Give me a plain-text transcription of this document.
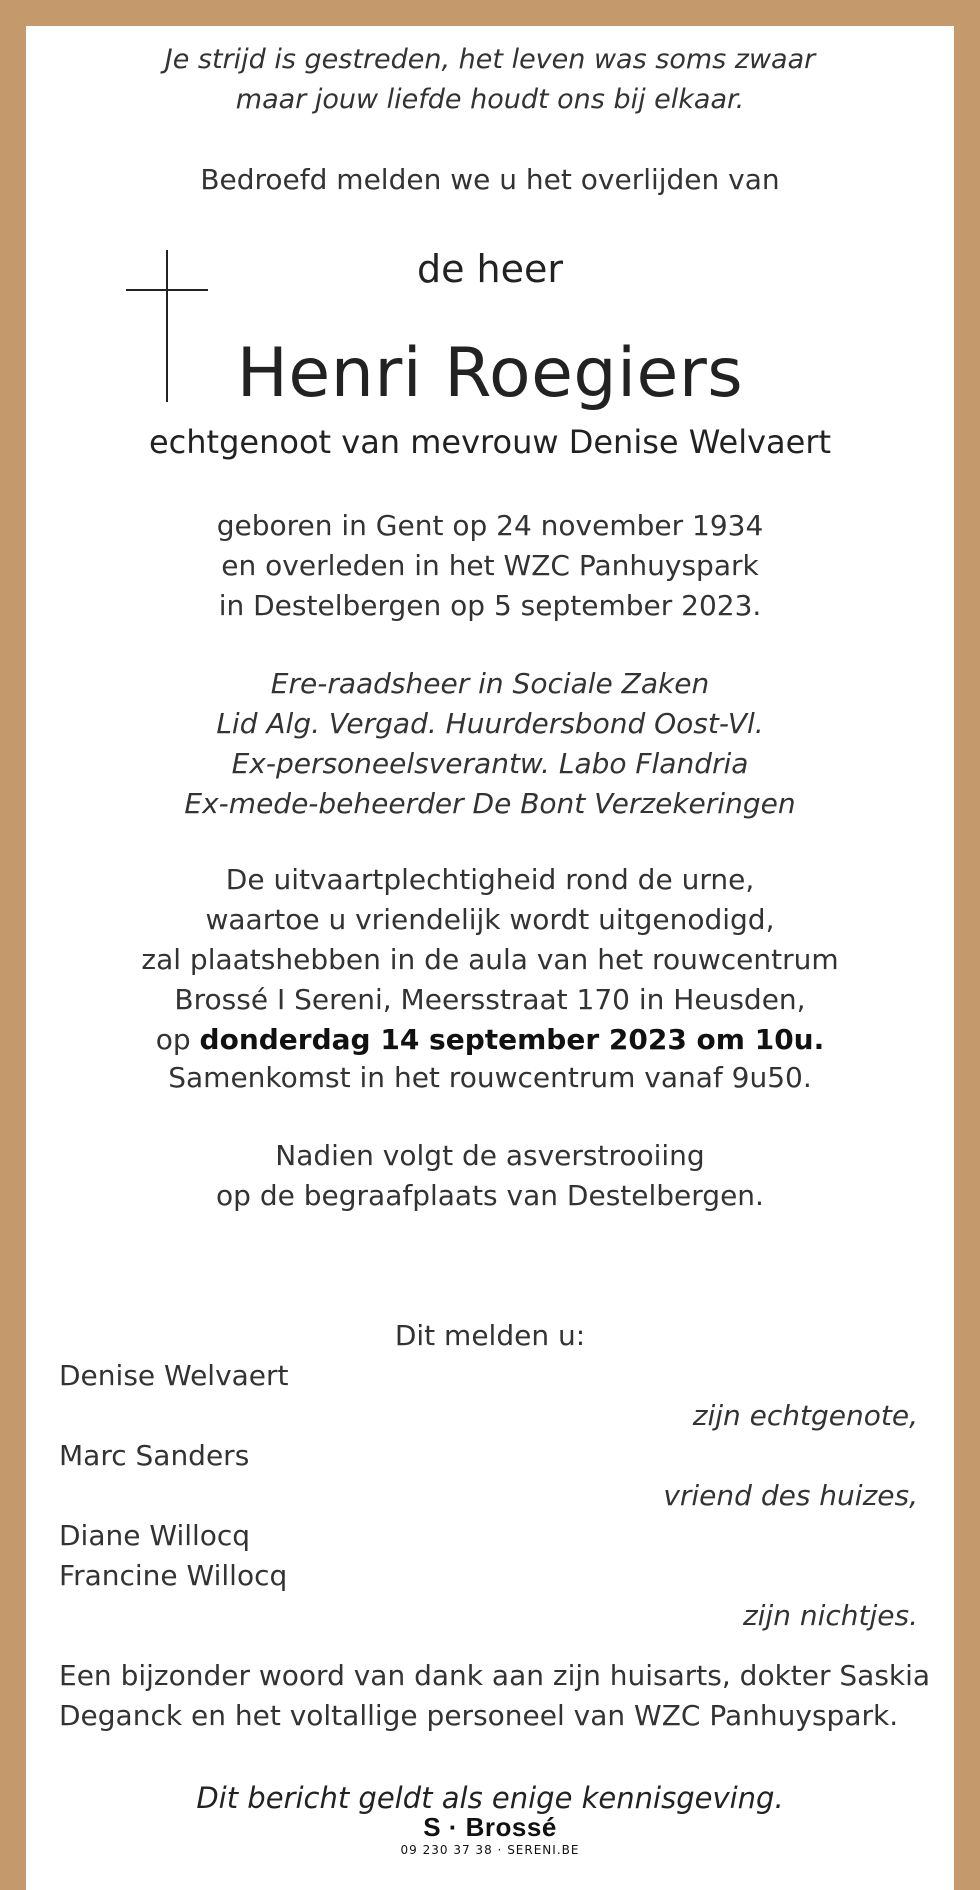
Je strijd is gestreden, het leven was soms zwaar
maar jouw liefde houdt ons bij elkaar.
Bedroefd melden we u het overlijden van
de heer
Henri Roegiers
echtgenoot van mevrouw Denise Welvaert
geboren in Gent op 24 november 1934
en overleden in het WZC Panhuyspark
in Destelbergen op 5 september 2023.
Ere-raadsheer in Sociale Zaken
Lid Alg. Vergad. Huurdersbond Oost-Vl.
Ex-personeelsverantw. Labo Flandria
Ex-mede-beheerder De Bont Verzekeringen
De uitvaartplechtigheid rond de urne,
waartoe u vriendelijk wordt uitgenodigd,
zal plaatshebben in de aula van het rouwcentrum
Brossé I Sereni, Meersstraat 170 in Heusden,
op donderdag 14 september 2023 om 10u.
Samenkomst in het rouwcentrum vanaf 9u50.
Nadien volgt de asverstrooiing
op de begraafplaats van Destelbergen.
Dit melden u:
Denise Welvaert
zijn echtgenote,
Marc Sanders
vriend des huizes,
Diane Willocq
Francine Willocq
zijn nichtjes.
Een bijzonder woord van dank aan zijn huisarts, dokter Saskia
Deganck en het voltallige personeel van WZC Panhuyspark.
Dit bericht geldt als enige kennisgeving.
S · Brossé
09 230 37 38 · SERENI.BE
